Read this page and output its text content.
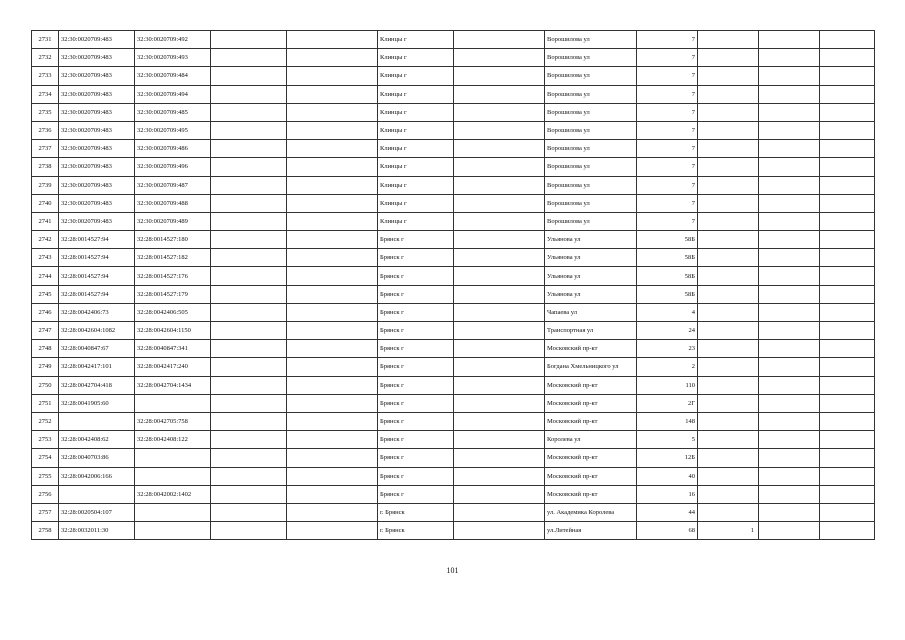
2731	32:30:0020709:483	32:30:0020709:492			Клинцы г		Ворошилова ул	7			
2732	32:30:0020709:483	32:30:0020709:493			Клинцы г		Ворошилова ул	7			
2733	32:30:0020709:483	32:30:0020709:484			Клинцы г		Ворошилова ул	7			
2734	32:30:0020709:483	32:30:0020709:494			Клинцы г		Ворошилова ул	7			
2735	32:30:0020709:483	32:30:0020709:485			Клинцы г		Ворошилова ул	7			
2736	32:30:0020709:483	32:30:0020709:495			Клинцы г		Ворошилова ул	7			
2737	32:30:0020709:483	32:30:0020709:486			Клинцы г		Ворошилова ул	7			
2738	32:30:0020709:483	32:30:0020709:496			Клинцы г		Ворошилова ул	7			
2739	32:30:0020709:483	32:30:0020709:487			Клинцы г		Ворошилова ул	7			
2740	32:30:0020709:483	32:30:0020709:488			Клинцы г		Ворошилова ул	7			
2741	32:30:0020709:483	32:30:0020709:489			Клинцы г		Ворошилова ул	7			
2742	32:28:0014527:94	32:28:0014527:180			Брянск г		Ульянова ул	58Б			
2743	32:28:0014527:94	32:28:0014527:182			Брянск г		Ульянова ул	58Б			
2744	32:28:0014527:94	32:28:0014527:176			Брянск г		Ульянова ул	58Б			
2745	32:28:0014527:94	32:28:0014527:179			Брянск г		Ульянова ул	58Б			
2746	32:28:0042406:73	32:28:0042406:505			Брянск г		Чапаева ул	4			
2747	32:28:0042604:1082	32:28:0042604:1150			Брянск г		Транспортная ул	24			
2748	32:28:0040847:67	32:28:0040847:341			Брянск г		Московский пр-кт	23			
2749	32:28:0042417:101	32:28:0042417:240			Брянск г		Богдана Хмельницкого ул	2			
2750	32:28:0042704:418	32:28:0042704:1434			Брянск г		Московский пр-кт	110			
2751	32:28:0041905:60				Брянск г		Московский пр-кт	2Г			
2752		32:28:0042705:758			Брянск г		Московский пр-кт	148			
2753	32:28:0042408:62	32:28:0042408:122			Брянск г		Королева ул	5			
2754	32:28:0040703:86				Брянск г		Московский пр-кт	12Б			
2755	32:28:0042006:166				Брянск г		Московский пр-кт	40			
2756		32:28:0042002:1402			Брянск г		Московский пр-кт	16			
2757	32:28:0020504:107				г. Брянск		ул. Академика Королева	44			
2758	32:28:0032011:30				г. Брянск		ул.Литейная	68	1		
101
